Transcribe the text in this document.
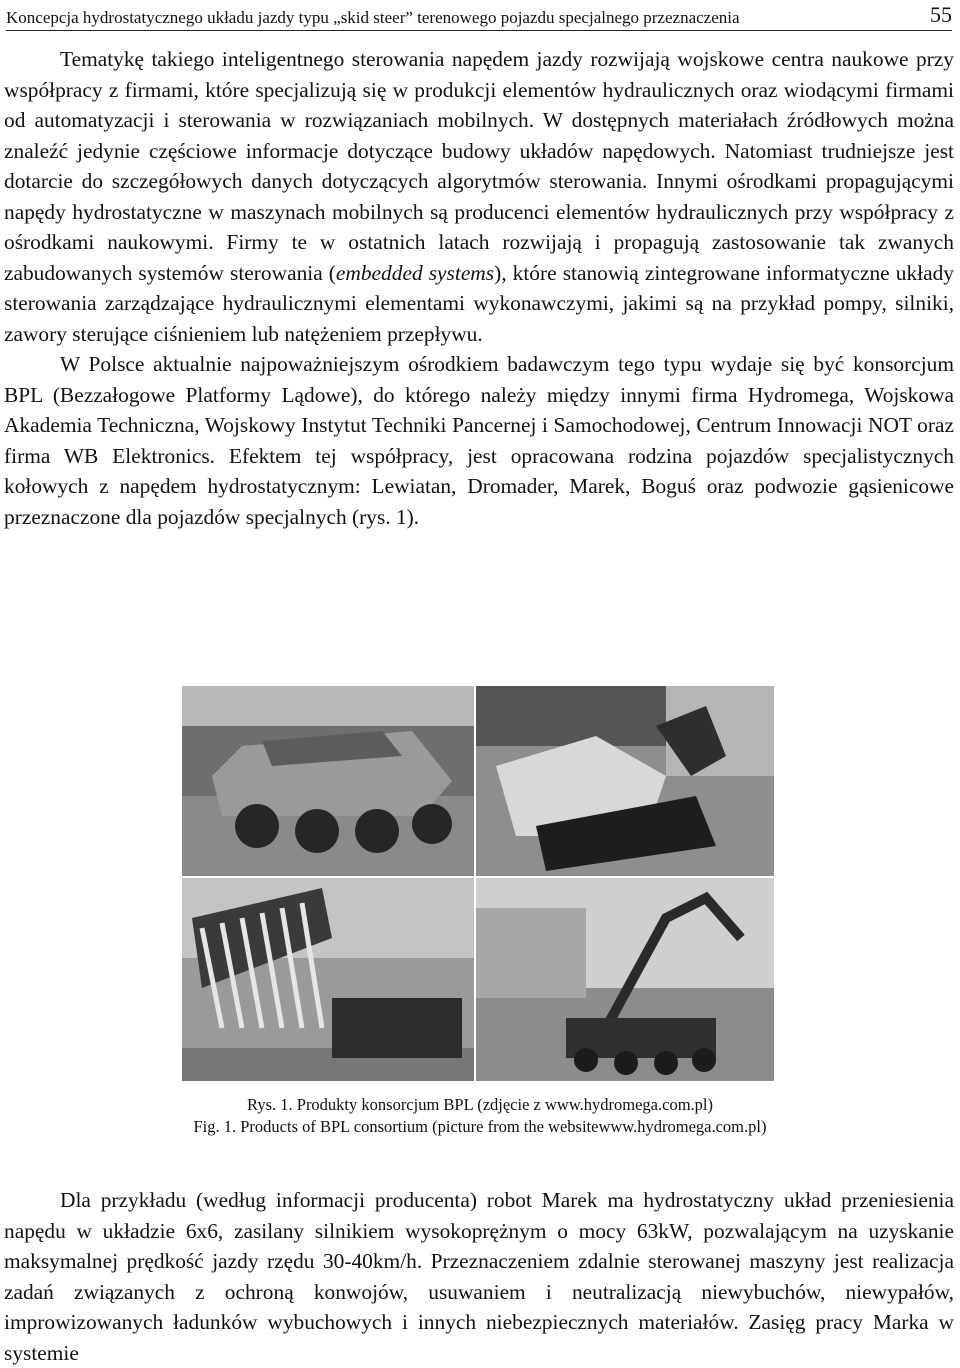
Koncepcja hydrostatycznego układu jazdy typu „skid steer” terenowego pojazdu specjalnego przeznaczenia	55

Tematykę takiego inteligentnego sterowania napędem jazdy rozwijają wojskowe centra naukowe przy współpracy z firmami, które specjalizują się w produkcji elementów hydraulicznych oraz wiodącymi firmami od automatyzacji i sterowania w rozwiązaniach mobilnych. W dostępnych materiałach źródłowych można znaleźć jedynie częściowe informacje dotyczące budowy układów napędowych. Natomiast trudniejsze jest dotarcie do szczegółowych danych dotyczących algorytmów sterowania. Innymi ośrodkami propagującymi napędy hydrostatyczne w maszynach mobilnych są producenci elementów hydraulicznych przy współpracy z ośrodkami naukowymi. Firmy te w ostatnich latach rozwijają i propagują zastosowanie tak zwanych zabudowanych systemów sterowania (embedded systems), które stanowią zintegrowane informatyczne układy sterowania zarządzające hydraulicznymi elementami wykonawczymi, jakimi są na przykład pompy, silniki, zawory sterujące ciśnieniem lub natężeniem przepływu.

W Polsce aktualnie najpoważniejszym ośrodkiem badawczym tego typu wydaje się być konsorcjum BPL (Bezzałogowe Platformy Lądowe), do którego należy między innymi firma Hydromega, Wojskowa Akademia Techniczna, Wojskowy Instytut Techniki Pancernej i Samochodowej, Centrum Innowacji NOT oraz firma WB Elektronics. Efektem tej współpracy, jest opracowana rodzina pojazdów specjalistycznych kołowych z napędem hydrostatycznym: Lewiatan, Dromader, Marek, Boguś oraz podwozie gąsienicowe przeznaczone dla pojazdów specjalnych (rys. 1).

Rys. 1. Produkty konsorcjum BPL (zdjęcie z www.hydromega.com.pl)
Fig. 1. Products of BPL consortium (picture from the websitewww.hydromega.com.pl)

Dla przykładu (według informacji producenta) robot Marek ma hydrostatyczny układ przeniesienia napędu w układzie 6x6, zasilany silnikiem wysokoprężnym o mocy 63kW, pozwalającym na uzyskanie maksymalnej prędkość jazdy rzędu 30-40km/h. Przeznaczeniem zdalnie sterowanej maszyny jest realizacja zadań związanych z ochroną konwojów, usuwaniem i neutralizacją niewybuchów, niewypałów, improwizowanych ładunków wybuchowych i innych niebezpiecznych materiałów. Zasięg pracy Marka w systemie
